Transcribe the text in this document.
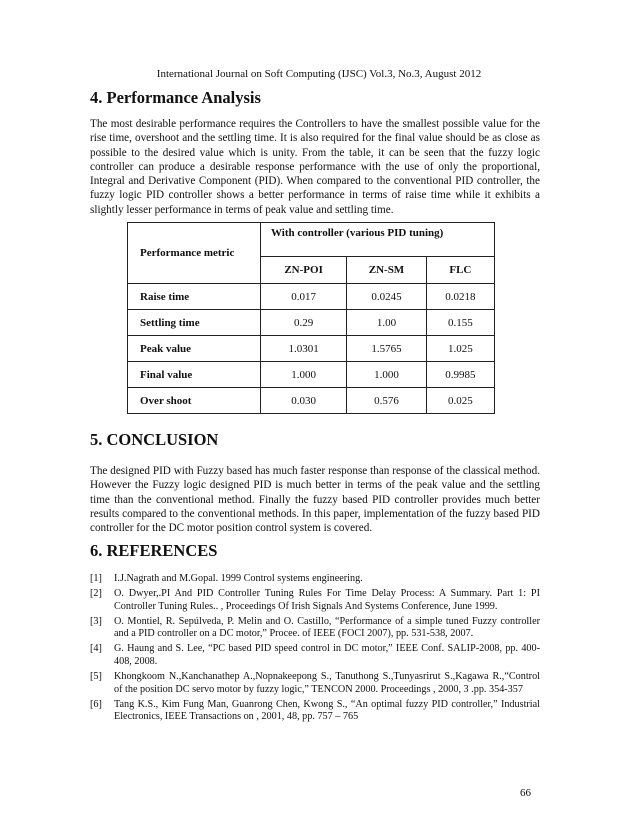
International Journal on Soft Computing (IJSC) Vol.3, No.3, August 2012
4. Performance Analysis

The most desirable performance requires the Controllers to have the smallest possible value for the rise time, overshoot and the settling time. It is also required for the final value should be as close as possible to the desired value which is unity. From the table, it can be seen that the fuzzy logic controller can produce a desirable response performance with the use of only the proportional, Integral and Derivative Component (PID). When compared to the conventional PID controller, the fuzzy logic PID controller shows a better performance in terms of raise time while it exhibits a slightly lesser performance in terms of peak value and settling time.

Performance metric	With controller (various PID tuning)		
	ZN-POI	ZN-SM	FLC
Raise time	0.017	0.0245	0.0218
Settling time	0.29	1.00	0.155
Peak value	1.0301	1.5765	1.025
Final value	1.000	1.000	0.9985
Over shoot	0.030	0.576	0.025
5. CONCLUSION

The designed PID with Fuzzy based has much faster response than response of the classical method. However the Fuzzy logic designed PID is much better in terms of the peak value and the settling time than the conventional method. Finally the fuzzy based PID controller provides much better results compared to the conventional methods. In this paper, implementation of the fuzzy based PID controller for the DC motor position control system is covered.

6. REFERENCES
[1] I.J.Nagrath and M.Gopal. 1999 Control systems engineering.
[2] O. Dwyer,.PI And PID Controller Tuning Rules For Time Delay Process: A Summary. Part 1: PI Controller Tuning Rules.. , Proceedings Of Irish Signals And Systems Conference, June 1999.
[3] O. Montiel, R. Sepúlveda, P. Melin and O. Castillo, “Performance of a simple tuned Fuzzy controller and a PID controller on a DC motor,” Procee. of IEEE (FOCI 2007), pp. 531-538, 2007.
[4] G. Haung and S. Lee, “PC based PID speed control in DC motor,” IEEE Conf. SALIP-2008, pp. 400-408, 2008.
[5] Khongkoom N.,Kanchanathep A.,Nopnakeepong S., Tanuthong S.,Tunyasrirut S.,Kagawa R.,“Control of the position DC servo motor by fuzzy logic,” TENCON 2000. Proceedings , 2000, 3 .pp. 354-357
[6] Tang K.S., Kim Fung Man, Guanrong Chen, Kwong S., “An optimal fuzzy PID controller,” Industrial Electronics, IEEE Transactions on , 2001, 48, pp. 757 – 765
66
